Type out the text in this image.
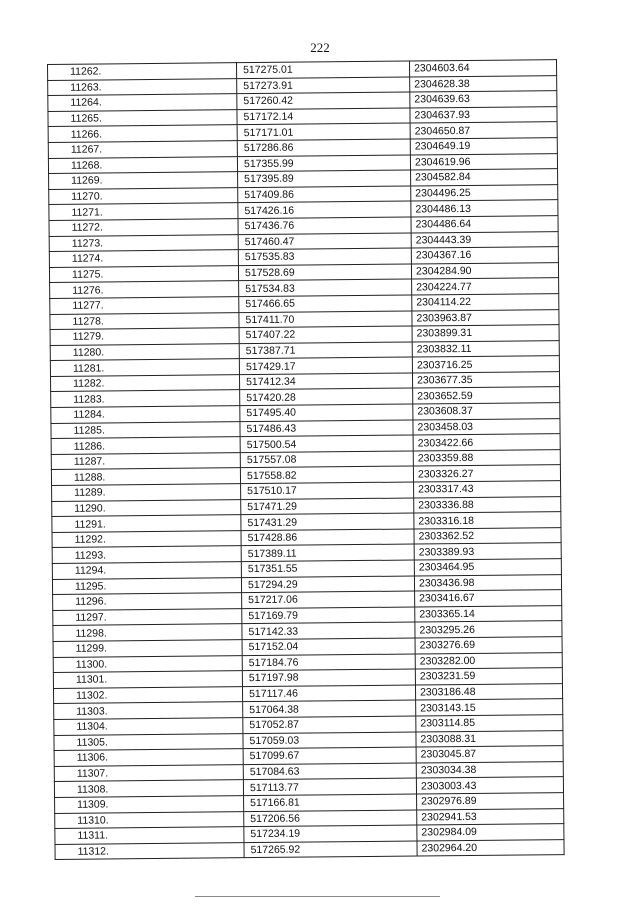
222
11262.	517275.01	2304603.64
11263.	517273.91	2304628.38
11264.	517260.42	2304639.63
11265.	517172.14	2304637.93
11266.	517171.01	2304650.87
11267.	517286.86	2304649.19
11268.	517355.99	2304619.96
11269.	517395.89	2304582.84
11270.	517409.86	2304496.25
11271.	517426.16	2304486.13
11272.	517436.76	2304486.64
11273.	517460.47	2304443.39
11274.	517535.83	2304367.16
11275.	517528.69	2304284.90
11276.	517534.83	2304224.77
11277.	517466.65	2304114.22
11278.	517411.70	2303963.87
11279.	517407.22	2303899.31
11280.	517387.71	2303832.11
11281.	517429.17	2303716.25
11282.	517412.34	2303677.35
11283.	517420.28	2303652.59
11284.	517495.40	2303608.37
11285.	517486.43	2303458.03
11286.	517500.54	2303422.66
11287.	517557.08	2303359.88
11288.	517558.82	2303326.27
11289.	517510.17	2303317.43
11290.	517471.29	2303336.88
11291.	517431.29	2303316.18
11292.	517428.86	2303362.52
11293.	517389.11	2303389.93
11294.	517351.55	2303464.95
11295.	517294.29	2303436.98
11296.	517217.06	2303416.67
11297.	517169.79	2303365.14
11298.	517142.33	2303295.26
11299.	517152.04	2303276.69
11300.	517184.76	2303282.00
11301.	517197.98	2303231.59
11302.	517117.46	2303186.48
11303.	517064.38	2303143.15
11304.	517052.87	2303114.85
11305.	517059.03	2303088.31
11306.	517099.67	2303045.87
11307.	517084.63	2303034.38
11308.	517113.77	2303003.43
11309.	517166.81	2302976.89
11310.	517206.56	2302941.53
11311.	517234.19	2302984.09
11312.	517265.92	2302964.20
